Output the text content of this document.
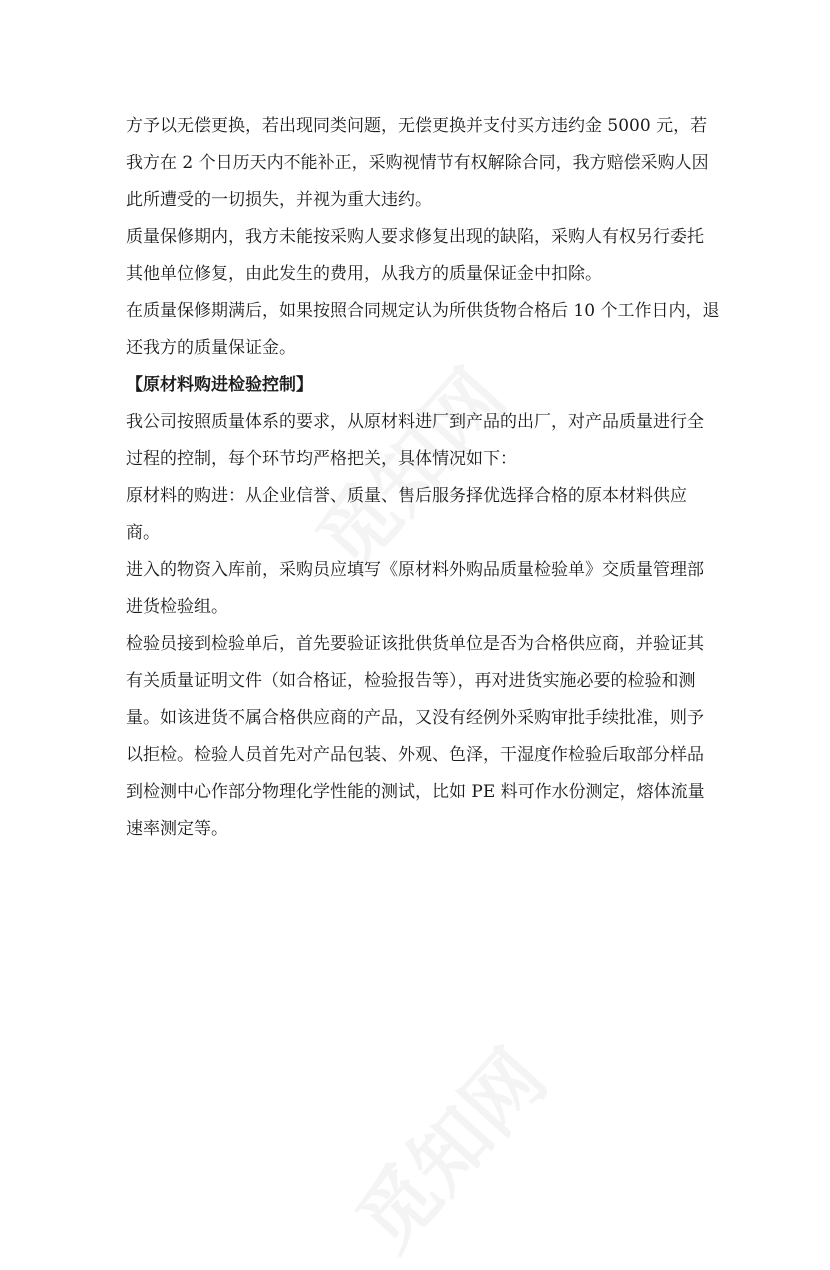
方予以无偿更换，若出现同类问题，无偿更换并支付买方违约金 5000 元，若
我方在 2 个日历天内不能补正，采购视情节有权解除合同，我方赔偿采购人因
此所遭受的一切损失，并视为重大违约。
质量保修期内，我方未能按采购人要求修复出现的缺陷，采购人有权另行委托
其他单位修复，由此发生的费用，从我方的质量保证金中扣除。
在质量保修期满后，如果按照合同规定认为所供货物合格后 10 个工作日内，退
还我方的质量保证金。
【原材料购进检验控制】
我公司按照质量体系的要求，从原材料进厂到产品的出厂，对产品质量进行全
过程的控制，每个环节均严格把关，具体情况如下：
原材料的购进：从企业信誉、质量、售后服务择优选择合格的原本材料供应
商。
进入的物资入库前，采购员应填写《原材料外购品质量检验单》交质量管理部
进货检验组。
检验员接到检验单后，首先要验证该批供货单位是否为合格供应商，并验证其
有关质量证明文件（如合格证，检验报告等），再对进货实施必要的检验和测
量。如该进货不属合格供应商的产品，又没有经例外采购审批手续批准，则予
以拒检。检验人员首先对产品包装、外观、色泽，干湿度作检验后取部分样品
到检测中心作部分物理化学性能的测试，比如 PE 料可作水份测定，熔体流量
速率测定等。
